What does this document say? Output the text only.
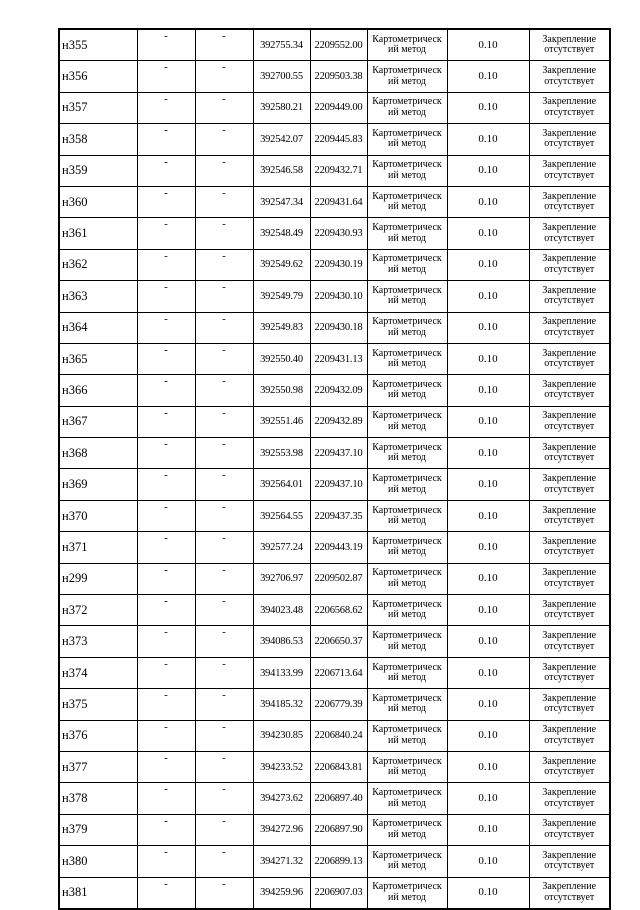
н355	-	-	392755.34	2209552.00	Картометрическ
ий метод	0.10	Закрепление
отсутствует

н356	-	-	392700.55	2209503.38	Картометрическ
ий метод	0.10	Закрепление
отсутствует

н357	-	-	392580.21	2209449.00	Картометрическ
ий метод	0.10	Закрепление
отсутствует

н358	-	-	392542.07	2209445.83	Картометрическ
ий метод	0.10	Закрепление
отсутствует

н359	-	-	392546.58	2209432.71	Картометрическ
ий метод	0.10	Закрепление
отсутствует

н360	-	-	392547.34	2209431.64	Картометрическ
ий метод	0.10	Закрепление
отсутствует

н361	-	-	392548.49	2209430.93	Картометрическ
ий метод	0.10	Закрепление
отсутствует

н362	-	-	392549.62	2209430.19	Картометрическ
ий метод	0.10	Закрепление
отсутствует

н363	-	-	392549.79	2209430.10	Картометрическ
ий метод	0.10	Закрепление
отсутствует

н364	-	-	392549.83	2209430.18	Картометрическ
ий метод	0.10	Закрепление
отсутствует

н365	-	-	392550.40	2209431.13	Картометрическ
ий метод	0.10	Закрепление
отсутствует

н366	-	-	392550.98	2209432.09	Картометрическ
ий метод	0.10	Закрепление
отсутствует

н367	-	-	392551.46	2209432.89	Картометрическ
ий метод	0.10	Закрепление
отсутствует

н368	-	-	392553.98	2209437.10	Картометрическ
ий метод	0.10	Закрепление
отсутствует

н369	-	-	392564.01	2209437.10	Картометрическ
ий метод	0.10	Закрепление
отсутствует

н370	-	-	392564.55	2209437.35	Картометрическ
ий метод	0.10	Закрепление
отсутствует

н371	-	-	392577.24	2209443.19	Картометрическ
ий метод	0.10	Закрепление
отсутствует

н299	-	-	392706.97	2209502.87	Картометрическ
ий метод	0.10	Закрепление
отсутствует

н372	-	-	394023.48	2206568.62	Картометрическ
ий метод	0.10	Закрепление
отсутствует

н373	-	-	394086.53	2206650.37	Картометрическ
ий метод	0.10	Закрепление
отсутствует

н374	-	-	394133.99	2206713.64	Картометрическ
ий метод	0.10	Закрепление
отсутствует

н375	-	-	394185.32	2206779.39	Картометрическ
ий метод	0.10	Закрепление
отсутствует

н376	-	-	394230.85	2206840.24	Картометрическ
ий метод	0.10	Закрепление
отсутствует

н377	-	-	394233.52	2206843.81	Картометрическ
ий метод	0.10	Закрепление
отсутствует

н378	-	-	394273.62	2206897.40	Картометрическ
ий метод	0.10	Закрепление
отсутствует

н379	-	-	394272.96	2206897.90	Картометрическ
ий метод	0.10	Закрепление
отсутствует

н380	-	-	394271.32	2206899.13	Картометрическ
ий метод	0.10	Закрепление
отсутствует

н381	-	-	394259.96	2206907.03	Картометрическ
ий метод	0.10	Закрепление
отсутствует
